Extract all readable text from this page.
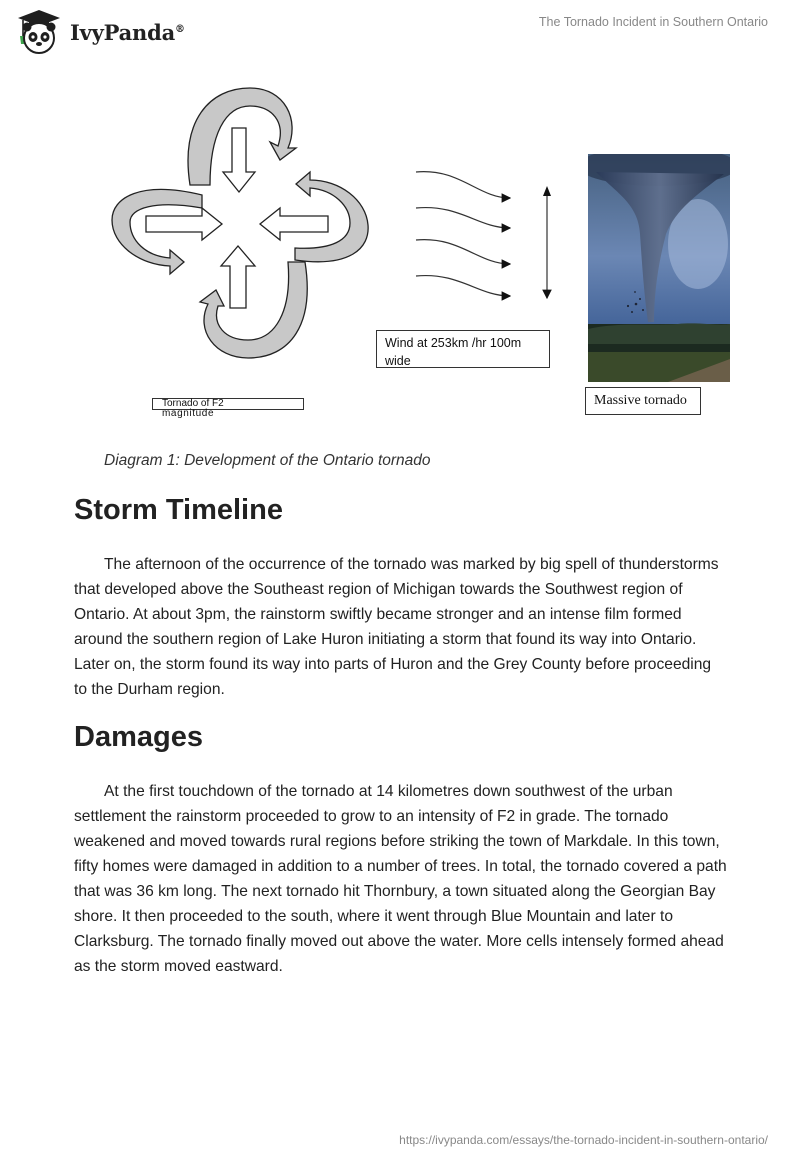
IvyPanda®	The Tornado Incident in Southern Ontario
Tornado of F2
magnitude
Wind at 253km /hr 100m
wide
Massive tornado
Diagram 1: Development of the Ontario tornado
Storm Timeline
The afternoon of the occurrence of the tornado was marked by big spell of thunderstorms that developed above the Southeast region of Michigan towards the Southwest region of Ontario. At about 3pm, the rainstorm swiftly became stronger and an intense film formed around the southern region of Lake Huron initiating a storm that found its way into Ontario. Later on, the storm found its way into parts of Huron and the Grey County before proceeding to the Durham region.
Damages
At the first touchdown of the tornado at 14 kilometres down southwest of the urban settlement the rainstorm proceeded to grow to an intensity of F2 in grade. The tornado weakened and moved towards rural regions before striking the town of Markdale. In this town, fifty homes were damaged in addition to a number of trees. In total, the tornado covered a path that was 36 km long. The next tornado hit Thornbury, a town situated along the Georgian Bay shore. It then proceeded to the south, where it went through Blue Mountain and later to Clarksburg. The tornado finally moved out above the water. More cells intensely formed ahead as the storm moved eastward.
https://ivypanda.com/essays/the-tornado-incident-in-southern-ontario/
